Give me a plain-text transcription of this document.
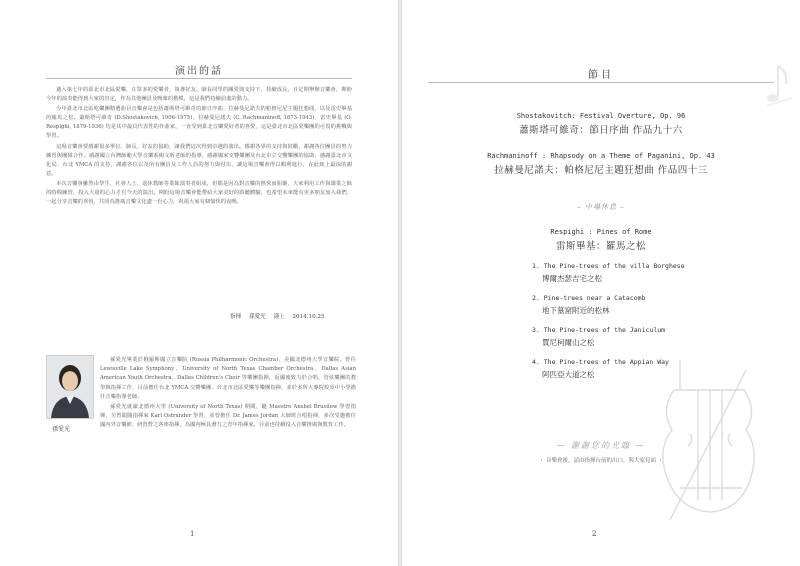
演出的話

邁入第七年的臺北市北區愛樂，在眾多的愛樂者、領導好友、師長同學的關愛與支持下，持續成長，且定期舉辦音樂會，期盼今年的演奏能得到大家的肯定，作為其他團員及晚輩的楷模，這是我們持續前進的動力。

今年臺北市北區吃樂團精選曲目音樂會是包括蕭斯塔可維奇的節日序曲、拉赫曼尼諾夫的帕格尼尼主題狂想曲，以及雷史畢基的羅馬之松。蕭斯塔可維奇 (D.Shostakovich, 1906-1975)、拉赫曼尼諾夫 (C. Rachmaninoff, 1873-1943)、雷史畢基 (O. Respighi, 1879-1936) 均是其中最具代表性的作曲家，一直受到臺北音樂愛好者的喜愛，這是臺北市北區愛樂團的可畏的挑戰與學習。

這場音樂會要感謝很多單位、師長、好友的協助，讓我們這次得到卓越的演出。感謝各界的支持與鼓勵，謝謝各位團員的努力練習與團隊合作。感謝國立台灣師範大學音樂系楊文昕老師的指導，感謝國家交響樂團及台北市立交響樂團的協助，感謝臺北市文化局、台北 YMCA 的支持，謝謝各位以及所有團員及工作人員的努力與付出，讓這場音樂會得以順利進行，在此致上最深的謝意。

本次音樂會雖然由學生、社會人士、退休教師等業餘演奏者組成，但都是因為對音樂的熱愛而相聚，大家利用工作與課業之餘的時間練習，投入大量的心力才有今天的演出。期盼這場音樂會能帶給大家美好的聆聽體驗，也希望未來能有更多朋友加入我們，一起分享音樂的喜悅，共同為推廣音樂文化盡一份心力，祝福大家有個愉快的夜晚。

指揮 孫愛光 謹上 2014.10.25
孫愛光

孫愛光畢業於俄羅斯國立音樂院 (Russia Philharmonic Orchestra)、美國北德州大學音樂院，曾任 Lewisville Lake Symphony、University of North Texas Chamber Orchestra、Dallas Asian American Youth Orchestra、Dallas Children's Choir 等樂團指揮，返國後致力於合唱、管弦樂團的教學與指揮工作，目前擔任台北 YMCA 交響樂團、台北市北區愛樂等樂團指揮，並於多所大專院校及中小學擔任音樂指導老師。

孫愛光就讀北德州大學 (University of North Texas) 期間，隨 Maestro Anshel Brusilow 學習指揮，另曾跟隨指揮家 Karl Ostrander 學習，並曾擔任 Dr. James Jordan 大師班合唱指揮，多次受邀擔任國內外音樂節、研習營之客座指揮，為國內極具潛力之青年指揮家，目前也持續投入音樂推廣與教育工作。

1
節目
Shostakovitch: Festival Overture, Op. 96
蕭斯塔可維奇：節日序曲 作品九十六
Rachmaninoff : Rhapsody on a Theme of Paganini, Op. 43
拉赫曼尼諾夫：帕格尼尼主題狂想曲 作品四十三
– 中場休息 –
Respighi : Pines of Rome
雷斯畢基：羅馬之松
1. The Pine-trees of the villa Borghese
博爾杰瑟吉宅之松
2. Pine-trees near a Catacomb
地下墓窟附近的松林
3. The Pine-trees of the Janiculum
賈尼柯爾山之松
4. The Pine-trees of the Appian Way
阿匹亞大道之松
— 謝謝您的光臨 —
・ 音樂會後，請由指揮台前的出口，與大家見面 ・
2
